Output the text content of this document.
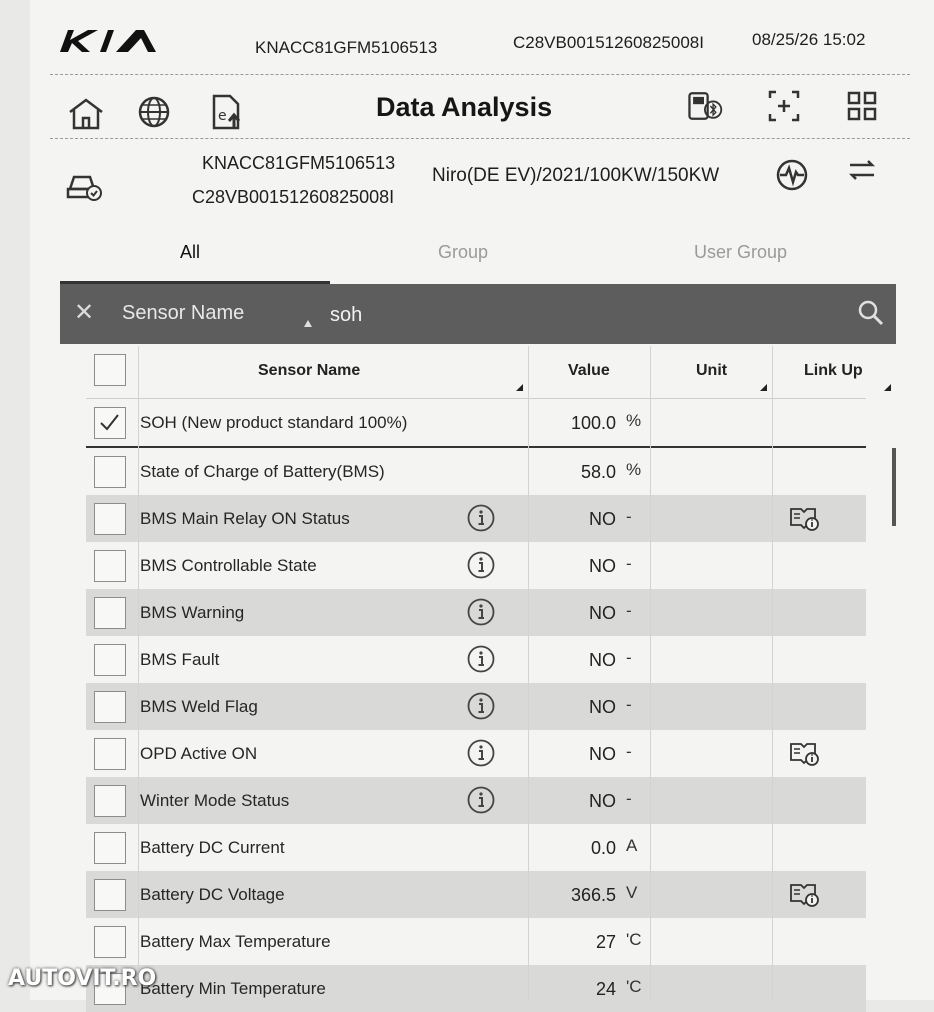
KNACC81GFM5106513	C28VB00151260825008I	08/25/26 15:02
e	Data Analysis
KNACC81GFM5106513
C28VB00151260825008I
Niro(DE EV)/2021/100KW/150KW
All	Group	User Group
✕ Sensor Name	soh
Sensor Name	Value	Unit	Link Up
SOH (New product standard 100%)	100.0 %
State of Charge of Battery(BMS)	58.0 %
BMS Main Relay ON Status	NO -
BMS Controllable State	NO -
BMS Warning	NO -
BMS Fault	NO -
BMS Weld Flag	NO -
OPD Active ON	NO -
Winter Mode Status	NO -
Battery DC Current	0.0 A
Battery DC Voltage	366.5 V
Battery Max Temperature	27 'C
Battery Min Temperature	24 'C
AUTOVIT.RO
